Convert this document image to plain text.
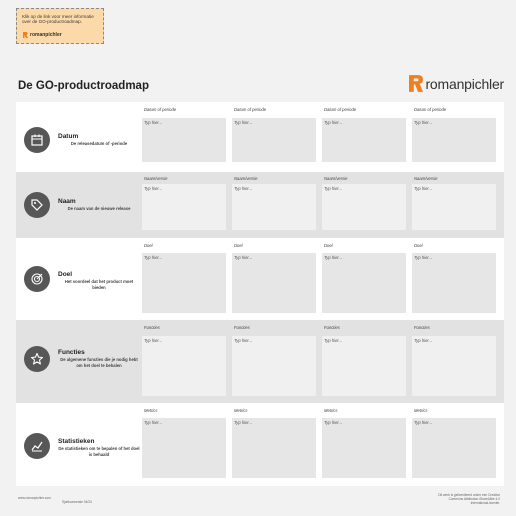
Klik op de link voor meer informatie over de GO-productroadmap.
romanpichler
De GO-productroadmap	romanpichler
Datum
De releasedatum of -periode
Datum of periode	Datum of periode	Datum of periode	Datum of periode
Typ hier...	Typ hier...	Typ hier...	Typ hier...
Naam
De naam van de nieuwe release
Naam/versie	Naam/versie	Naam/versie	Naam/versie
Typ hier...	Typ hier...	Typ hier...	Typ hier...
Doel
Het voordeel dat het product moet bieden
Doel	Doel	Doel	Doel
Typ hier...	Typ hier...	Typ hier...	Typ hier...
Functies
De algemene functies die je nodig hebt om het doel te behalen
Functies	Functies	Functies	Functies
Typ hier...	Typ hier...	Typ hier...	Typ hier...
Statistieken
De statistieken om te bepalen of het doel is behaald
Metrics	Metrics	Metrics	Metrics
Typ hier...	Typ hier...	Typ hier...	Typ hier...
www.romanpichler.com
Sjabloonversie 04/24
Dit werk is gelicentieerd onder een Creative Commons Attribution-ShareAlike 4.0 International-licentie.
